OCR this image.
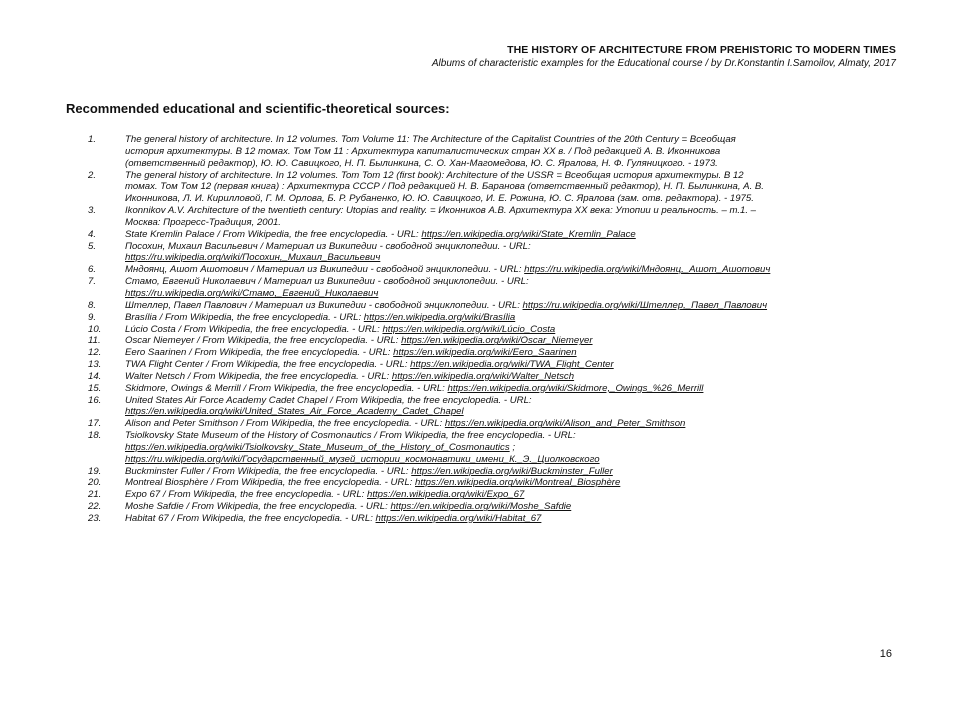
THE HISTORY OF ARCHITECTURE FROM PREHISTORIC TO MODERN TIMES
Albums of characteristic examples for the Educational course / by Dr.Konstantin I.Samoilov, Almaty, 2017
Recommended educational and scientific-theoretical sources:
1.	The general history of architecture. In 12 volumes. Tom Volume 11: The Architecture of the Capitalist Countries of the 20th Century = Всеобщая
история архитектуры. В 12 томах. Том Том 11 : Архитектура капиталистических стран XX в. / Под редакцией А. В. Иконникова
(ответственный редактор), Ю. Ю. Савицкого, Н. П. Былинкина, С. О. Хан-Магомедова, Ю. С. Яралова, Н. Ф. Гуляницкого. - 1973.
2.	The general history of architecture. In 12 volumes. Tom Tom 12 (first book): Architecture of the USSR = Всеобщая история архитектуры. В 12
томах. Том Том 12 (первая книга) : Архитектура СССР / Под редакцией Н. В. Баранова (ответственный редактор), Н. П. Былинкина, А. В.
Иконникова, Л. И. Кирилловой, Г. М. Орлова, Б. Р. Рубаненко, Ю. Ю. Савицкого, И. Е. Рожина, Ю. С. Яралова (зам. отв. редактора). - 1975.
3.	Ikonnikov A.V. Architecture of the twentieth century: Utopias and reality. = Иконников А.В. Архитектура XX века: Утопии и реальность. – т.1. –
Москва: Прогресс-Традиция, 2001.
4.	State Kremlin Palace / From Wikipedia, the free encyclopedia. - URL: https://en.wikipedia.org/wiki/State_Kremlin_Palace
5.	Посохин, Михаил Васильевич / Материал из Википедии - свободной энциклопедии. - URL:
https://ru.wikipedia.org/wiki/Посохин,_Михаил_Васильевич
6.	Мндоянц, Ашот Ашотович / Материал из Википедии - свободной энциклопедии. - URL: https://ru.wikipedia.org/wiki/Мндоянц,_Ашот_Ашотович
7.	Стамо, Евгений Николаевич / Материал из Википедии - свободной энциклопедии. - URL:
https://ru.wikipedia.org/wiki/Стамо,_Евгений_Николаевич
8.	Штеллер, Павел Павлович / Материал из Википедии - свободной энциклопедии. - URL: https://ru.wikipedia.org/wiki/Штеллер,_Павел_Павлович
9.	Brasília / From Wikipedia, the free encyclopedia. - URL: https://en.wikipedia.org/wiki/Brasília
10.	Lúcio Costa / From Wikipedia, the free encyclopedia. - URL: https://en.wikipedia.org/wiki/Lúcio_Costa
11.	Oscar Niemeyer / From Wikipedia, the free encyclopedia. - URL: https://en.wikipedia.org/wiki/Oscar_Niemeyer
12.	Eero Saarinen / From Wikipedia, the free encyclopedia. - URL: https://en.wikipedia.org/wiki/Eero_Saarinen
13.	TWA Flight Center / From Wikipedia, the free encyclopedia. - URL: https://en.wikipedia.org/wiki/TWA_Flight_Center
14.	Walter Netsch / From Wikipedia, the free encyclopedia. - URL: https://en.wikipedia.org/wiki/Walter_Netsch
15.	Skidmore, Owings & Merrill / From Wikipedia, the free encyclopedia. - URL: https://en.wikipedia.org/wiki/Skidmore,_Owings_%26_Merrill
16.	United States Air Force Academy Cadet Chapel / From Wikipedia, the free encyclopedia. - URL:
https://en.wikipedia.org/wiki/United_States_Air_Force_Academy_Cadet_Chapel
17.	Alison and Peter Smithson / From Wikipedia, the free encyclopedia. - URL: https://en.wikipedia.org/wiki/Alison_and_Peter_Smithson
18.	Tsiolkovsky State Museum of the History of Cosmonautics / From Wikipedia, the free encyclopedia. - URL:
https://en.wikipedia.org/wiki/Tsiolkovsky_State_Museum_of_the_History_of_Cosmonautics ;
https://ru.wikipedia.org/wiki/Государственный_музей_истории_космонавтики_имени_К._Э._Циолковского
19.	Buckminster Fuller / From Wikipedia, the free encyclopedia. - URL: https://en.wikipedia.org/wiki/Buckminster_Fuller
20.	Montreal Biosphère / From Wikipedia, the free encyclopedia. - URL: https://en.wikipedia.org/wiki/Montreal_Biosphère
21.	Expo 67 / From Wikipedia, the free encyclopedia. - URL: https://en.wikipedia.org/wiki/Expo_67
22.	Moshe Safdie / From Wikipedia, the free encyclopedia. - URL: https://en.wikipedia.org/wiki/Moshe_Safdie
23.	Habitat 67 / From Wikipedia, the free encyclopedia. - URL: https://en.wikipedia.org/wiki/Habitat_67
16
